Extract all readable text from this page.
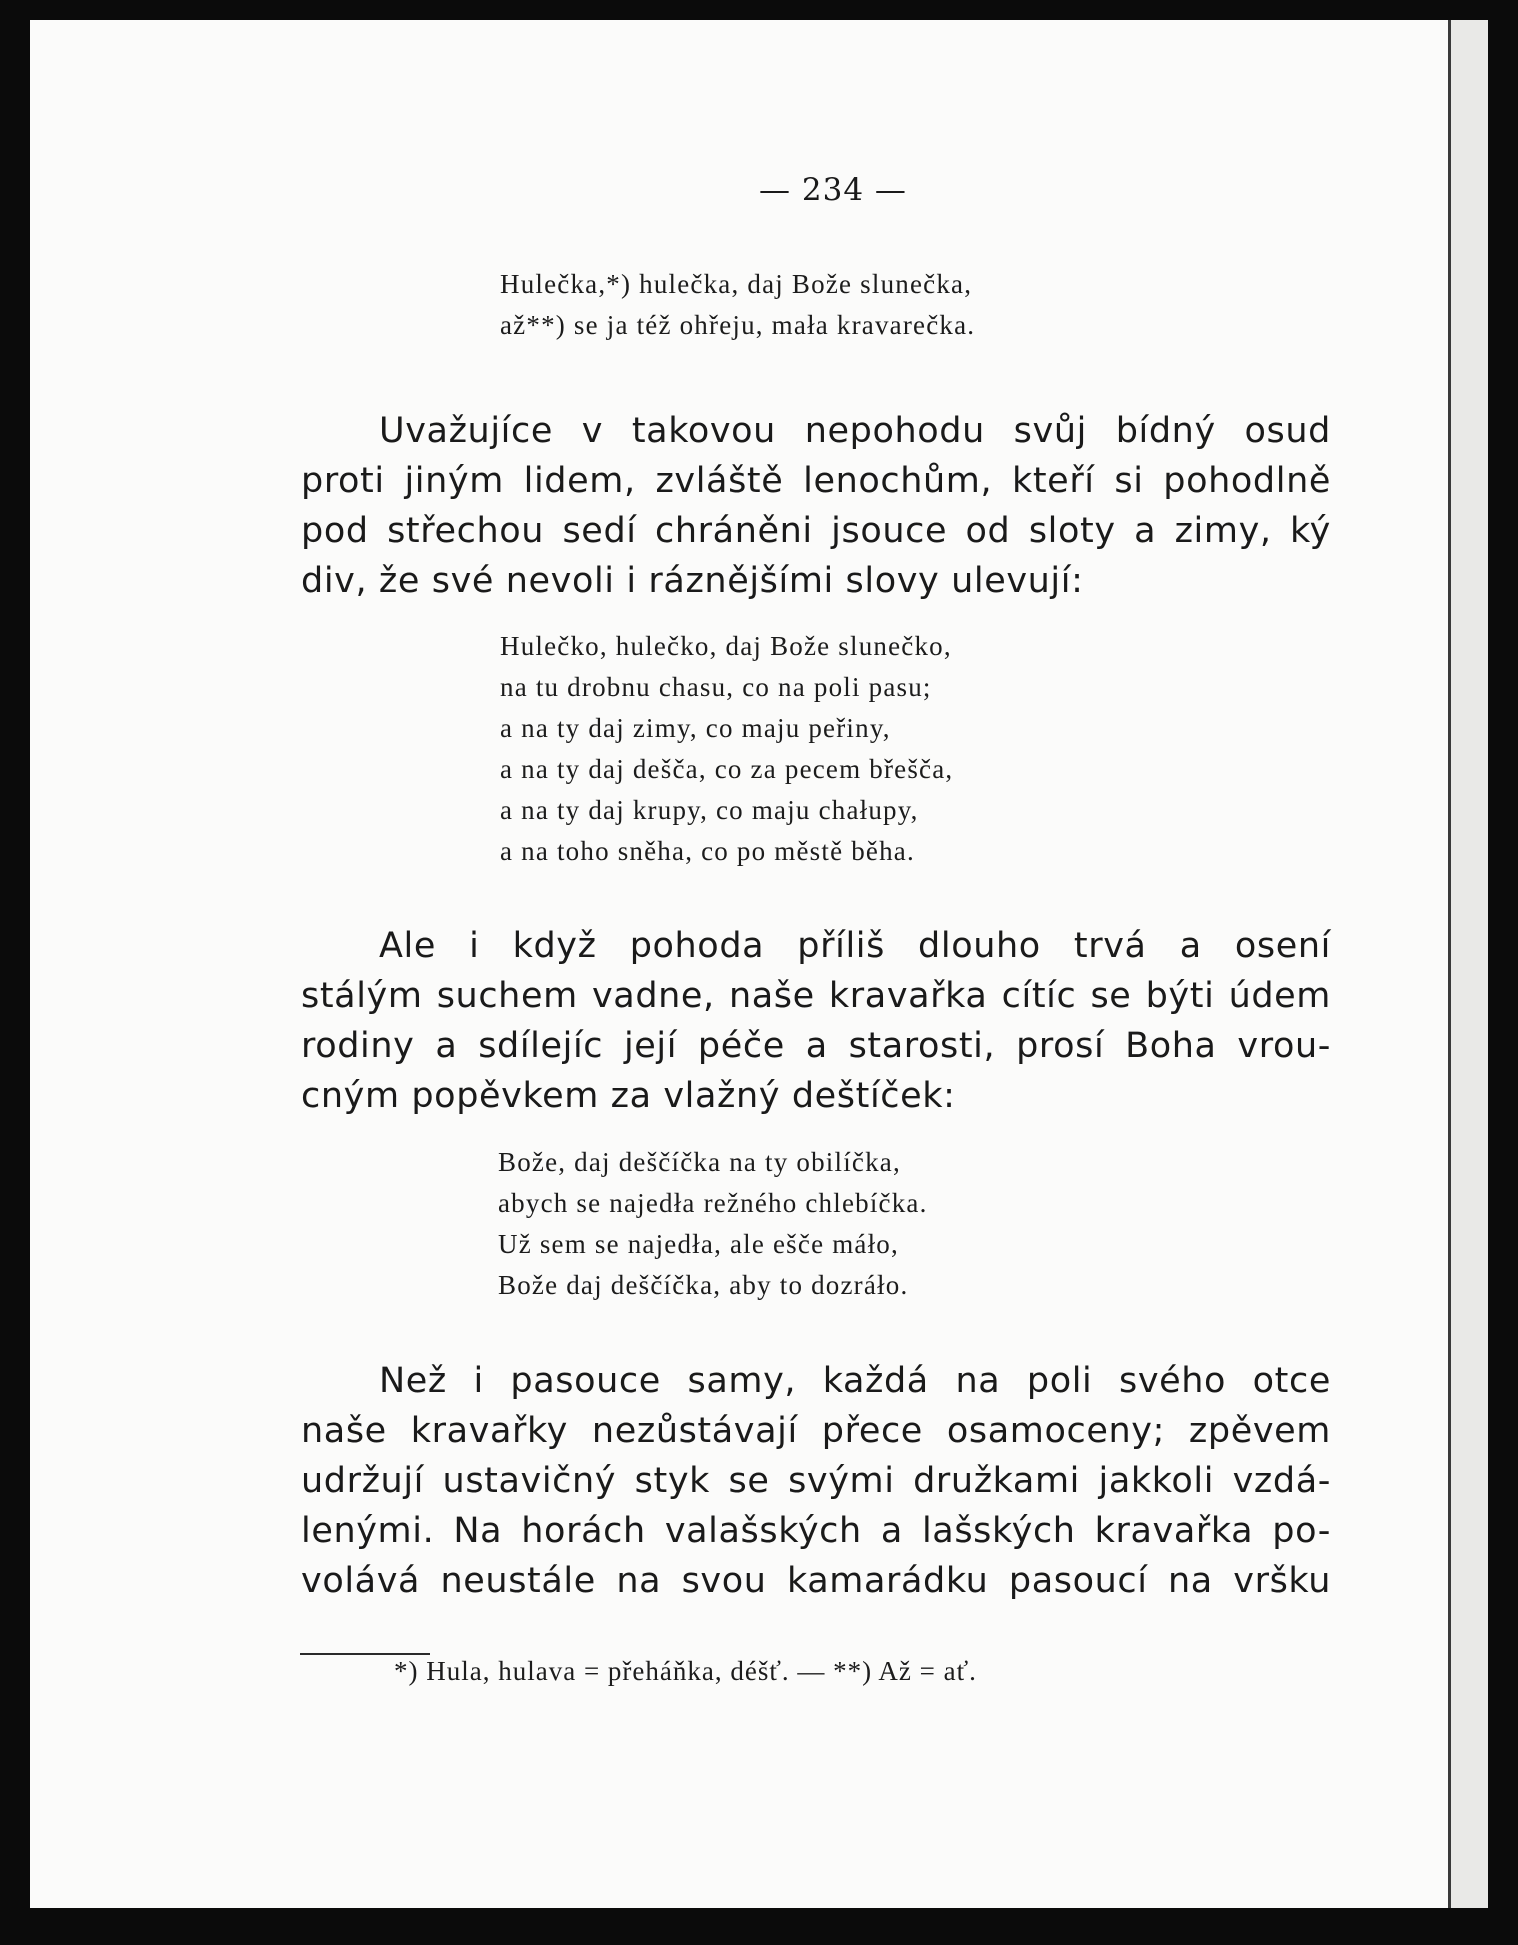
— 234 —
Hulečka,*) hulečka, daj Bože slunečka,
až**) se ja též ohřeju, mała kravarečka.
Uvažujíce v takovou nepohodu svůj bídný osud
proti jiným lidem, zvláště lenochům, kteří si pohodlně
pod střechou sedí chráněni jsouce od sloty a zimy, ký
div, že své nevoli i ráznějšími slovy ulevují:
Hulečko, hulečko, daj Bože slunečko,
na tu drobnu chasu, co na poli pasu;
a na ty daj zimy, co maju peřiny,
a na ty daj dešča, co za pecem břešča,
a na ty daj krupy, co maju chałupy,
a na toho sněha, co po městě běha.
Ale i když pohoda příliš dlouho trvá a osení
stálým suchem vadne, naše kravařka cítíc se býti údem
rodiny a sdílejíc její péče a starosti, prosí Boha vrou-
cným popěvkem za vlažný deštíček:
Bože, daj deščíčka na ty obilíčka,
abych se najedła režného chlebíčka.
Už sem se najedła, ale ešče máło,
Bože daj deščíčka, aby to dozráło.
Než i pasouce samy, každá na poli svého otce
naše kravařky nezůstávají přece osamoceny; zpěvem
udržují ustavičný styk se svými družkami jakkoli vzdá-
lenými. Na horách valašských a lašských kravařka po-
volává neustále na svou kamarádku pasoucí na vršku
*) Hula, hulava = přeháňka, déšť. — **) Až = ať.
